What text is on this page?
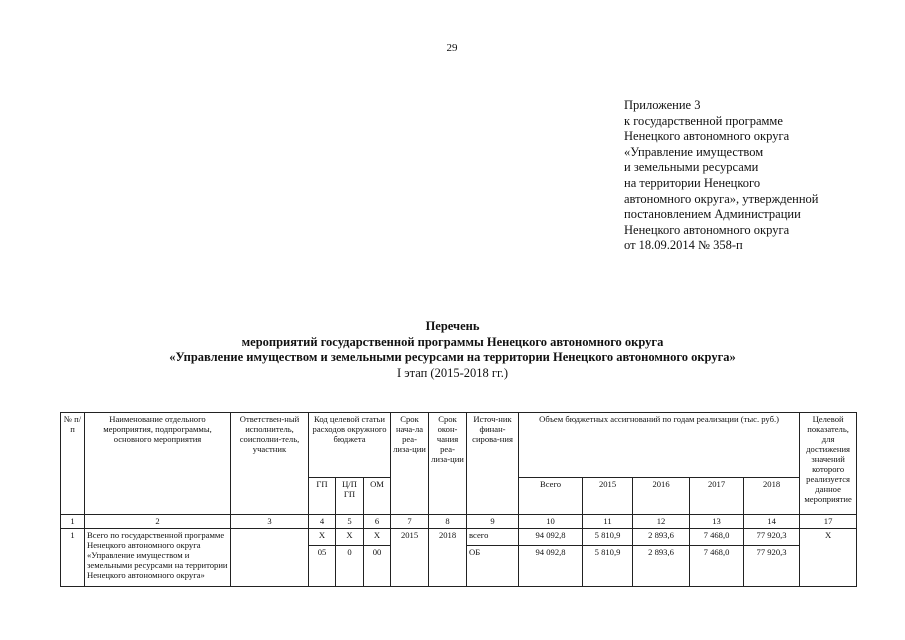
29
Приложение 3
к государственной программе
Ненецкого автономного округа
«Управление имуществом
и земельными ресурсами
на территории Ненецкого
автономного округа», утвержденной
постановлением Администрации
Ненецкого автономного округа
от 18.09.2014 № 358-п
Перечень
мероприятий государственной программы Ненецкого автономного округа
«Управление имуществом и земельными ресурсами на территории Ненецкого автономного округа»
I этап (2015-2018 гг.)
№ п/п	Наименование отдельного мероприятия, подпрограммы, основного мероприятия	Ответствен-ный исполнитель, соисполни-тель, участник	Код целевой статьи расходов окружного бюджета			Срок нача-ла реа-лиза-ции	Срок окон-чания реа-лиза-ции	Источ-ник финан-сирова-ния	Объем бюджетных ассигнований по годам реализации (тыс. руб.)					Целевой показатель, для достижения значений которого реализуется данное мероприятие
			ГП	Ц/П ГП	ОМ				Всего	2015	2016	2017	2018	
1	2	3	4	5	6	7	8	9	10	11	12	13	14	17
1	Всего по государственной программе Ненецкого автономного округа «Управление имуществом и земельными ресурсами на территории Ненецкого автономного округа»		Х	Х	Х	2015	2018	всего	94 092,8	5 810,9	2 893,6	7 468,0	77 920,3	Х
			05	0	00			ОБ	94 092,8	5 810,9	2 893,6	7 468,0	77 920,3	
